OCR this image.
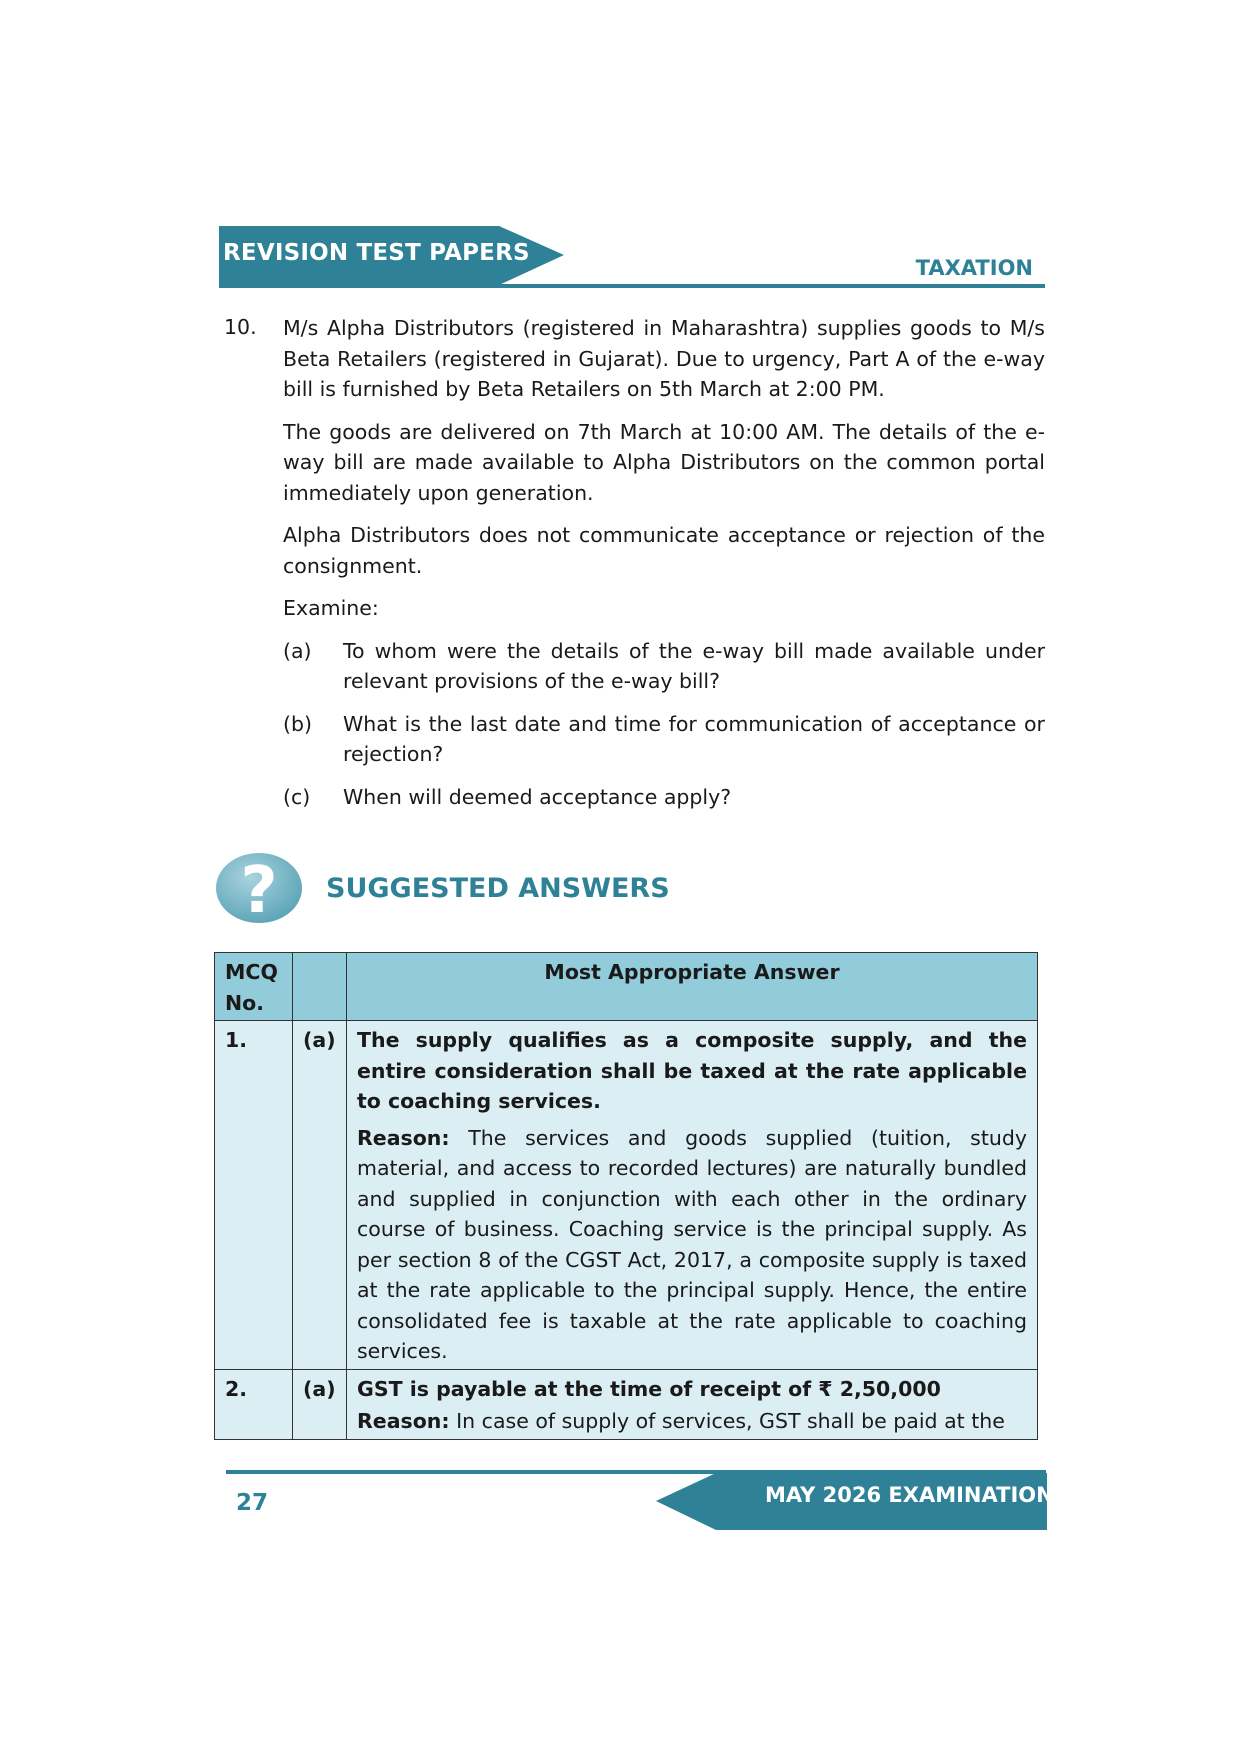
REVISION TEST PAPERS
TAXATION
10. M/s Alpha Distributors (registered in Maharashtra) supplies goods to M/s Beta Retailers (registered in Gujarat). Due to urgency, Part A of the e-way bill is furnished by Beta Retailers on 5th March at 2:00 PM.

The goods are delivered on 7th March at 10:00 AM. The details of the e-way bill are made available to Alpha Distributors on the common portal immediately upon generation.

Alpha Distributors does not communicate acceptance or rejection of the consignment.

Examine:

(a) To whom were the details of the e-way bill made available under relevant provisions of the e-way bill?
(b) What is the last date and time for communication of acceptance or rejection?
(c) When will deemed acceptance apply?
? SUGGESTED ANSWERS
MCQ No.		Most Appropriate Answer
1.	(a)	The supply qualifies as a composite supply, and the entire consideration shall be taxed at the rate applicable to coaching services.

Reason: The services and goods supplied (tuition, study material, and access to recorded lectures) are naturally bundled and supplied in conjunction with each other in the ordinary course of business. Coaching service is the principal supply. As per section 8 of the CGST Act, 2017, a composite supply is taxed at the rate applicable to the principal supply. Hence, the entire consolidated fee is taxable at the rate applicable to coaching services.

2.	(a)	GST is payable at the time of receipt of ₹ 2,50,000

Reason: In case of supply of services, GST shall be paid at the

27	MAY 2026 EXAMINATION
